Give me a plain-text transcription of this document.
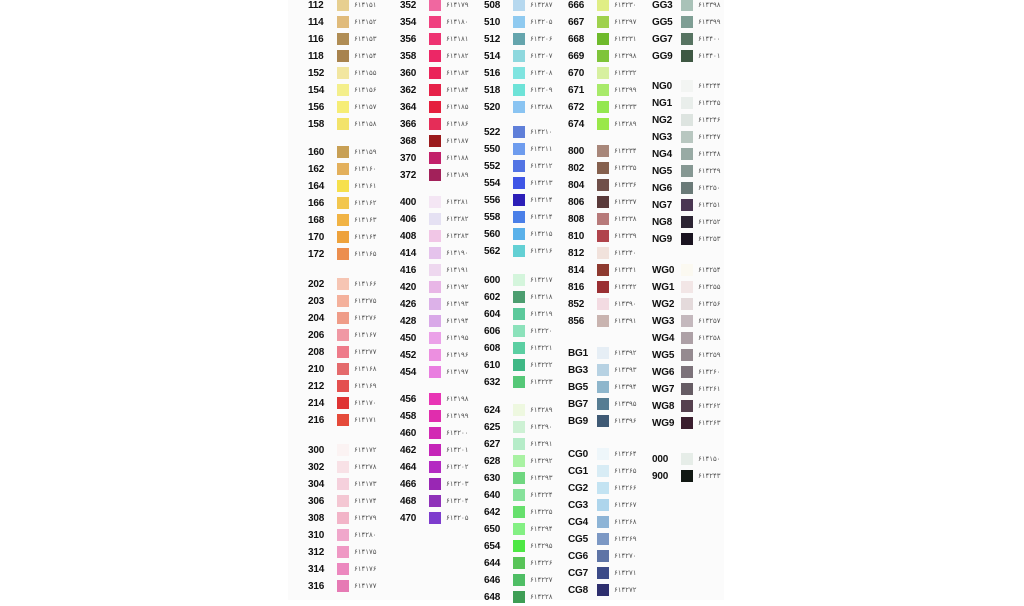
112	۶۱۴۱۵۱
114	۶۱۴۱۵۲
116	۶۱۴۱۵۳
118	۶۱۴۱۵۴
152	۶۱۴۱۵۵
154	۶۱۴۱۵۶
156	۶۱۴۱۵۷
158	۶۱۴۱۵۸
160	۶۱۴۱۵۹
162	۶۱۴۱۶۰
164	۶۱۴۱۶۱
166	۶۱۴۱۶۲
168	۶۱۴۱۶۳
170	۶۱۴۱۶۴
172	۶۱۴۱۶۵
202	۶۱۴۱۶۶
203	۶۱۴۲۷۵
204	۶۱۴۲۷۶
206	۶۱۴۱۶۷
208	۶۱۴۲۷۷
210	۶۱۴۱۶۸
212	۶۱۴۱۶۹
214	۶۱۴۱۷۰
216	۶۱۴۱۷۱
300	۶۱۴۱۷۲
302	۶۱۴۲۷۸
304	۶۱۴۱۷۳
306	۶۱۴۱۷۴
308	۶۱۴۲۷۹
310	۶۱۴۲۸۰
312	۶۱۴۱۷۵
314	۶۱۴۱۷۶
316	۶۱۴۱۷۷
352	۶۱۴۱۷۹
354	۶۱۴۱۸۰
356	۶۱۴۱۸۱
358	۶۱۴۱۸۲
360	۶۱۴۱۸۳
362	۶۱۴۱۸۴
364	۶۱۴۱۸۵
366	۶۱۴۱۸۶
368	۶۱۴۱۸۷
370	۶۱۴۱۸۸
372	۶۱۴۱۸۹
400	۶۱۴۲۸۱
406	۶۱۴۲۸۲
408	۶۱۴۲۸۳
414	۶۱۴۱۹۰
416	۶۱۴۱۹۱
420	۶۱۴۱۹۲
426	۶۱۴۱۹۳
428	۶۱۴۱۹۴
450	۶۱۴۱۹۵
452	۶۱۴۱۹۶
454	۶۱۴۱۹۷
456	۶۱۴۱۹۸
458	۶۱۴۱۹۹
460	۶۱۴۲۰۰
462	۶۱۴۲۰۱
464	۶۱۴۲۰۲
466	۶۱۴۲۰۳
468	۶۱۴۲۰۴
470	۶۱۴۲۰۵
508	۶۱۴۲۸۷
510	۶۱۴۲۰۵
512	۶۱۴۲۰۶
514	۶۱۴۲۰۷
516	۶۱۴۲۰۸
518	۶۱۴۲۰۹
520	۶۱۴۲۸۸
522	۶۱۴۲۱۰
550	۶۱۴۲۱۱
552	۶۱۴۲۱۲
554	۶۱۴۲۱۳
556	۶۱۴۲۱۴
558	۶۱۴۲۱۴
560	۶۱۴۲۱۵
562	۶۱۴۲۱۶
600	۶۱۴۲۱۷
602	۶۱۴۲۱۸
604	۶۱۴۲۱۹
606	۶۱۴۲۲۰
608	۶۱۴۲۲۱
610	۶۱۴۲۲۲
632	۶۱۴۲۲۳
624	۶۱۴۲۸۹
625	۶۱۴۲۹۰
627	۶۱۴۲۹۱
628	۶۱۴۲۹۲
630	۶۱۴۲۹۳
640	۶۱۴۲۲۴
642	۶۱۴۲۲۵
650	۶۱۴۲۹۴
654	۶۱۴۲۹۵
644	۶۱۴۲۲۶
646	۶۱۴۲۲۷
648	۶۱۴۲۲۸
666	۶۱۴۲۳۰
667	۶۱۴۲۹۷
668	۶۱۴۲۳۱
669	۶۱۴۲۹۸
670	۶۱۴۲۳۲
671	۶۱۴۲۹۹
672	۶۱۴۲۳۳
674	۶۱۴۲۸۹
800	۶۱۴۲۳۴
802	۶۱۴۲۳۵
804	۶۱۴۲۳۶
806	۶۱۴۲۳۷
808	۶۱۴۲۳۸
810	۶۱۴۲۳۹
812	۶۱۴۲۴۰
814	۶۱۴۲۴۱
816	۶۱۴۲۴۲
852	۶۱۴۳۹۰
856	۶۱۴۳۹۱
BG1	۶۱۴۳۹۲
BG3	۶۱۴۳۹۳
BG5	۶۱۴۳۹۴
BG7	۶۱۴۳۹۵
BG9	۶۱۴۳۹۶
CG0	۶۱۴۲۶۴
CG1	۶۱۴۲۶۵
CG2	۶۱۴۲۶۶
CG3	۶۱۴۲۶۷
CG4	۶۱۴۲۶۸
CG5	۶۱۴۲۶۹
CG6	۶۱۴۲۷۰
CG7	۶۱۴۲۷۱
CG8	۶۱۴۲۷۲
GG3	۶۱۴۳۹۸
GG5	۶۱۴۳۹۹
GG7	۶۱۴۴۰۰
GG9	۶۱۴۴۰۱
NG0	۶۱۴۲۴۴
NG1	۶۱۴۲۴۵
NG2	۶۱۴۲۴۶
NG3	۶۱۴۲۴۷
NG4	۶۱۴۲۴۸
NG5	۶۱۴۲۴۹
NG6	۶۱۴۲۵۰
NG7	۶۱۴۲۵۱
NG8	۶۱۴۲۵۲
NG9	۶۱۴۲۵۳
WG0	۶۱۴۲۵۴
WG1	۶۱۴۲۵۵
WG2	۶۱۴۲۵۶
WG3	۶۱۴۲۵۷
WG4	۶۱۴۲۵۸
WG5	۶۱۴۲۵۹
WG6	۶۱۴۲۶۰
WG7	۶۱۴۲۶۱
WG8	۶۱۴۲۶۲
WG9	۶۱۴۲۶۳
000	۶۱۴۱۵۰
900	۶۱۴۲۴۳
